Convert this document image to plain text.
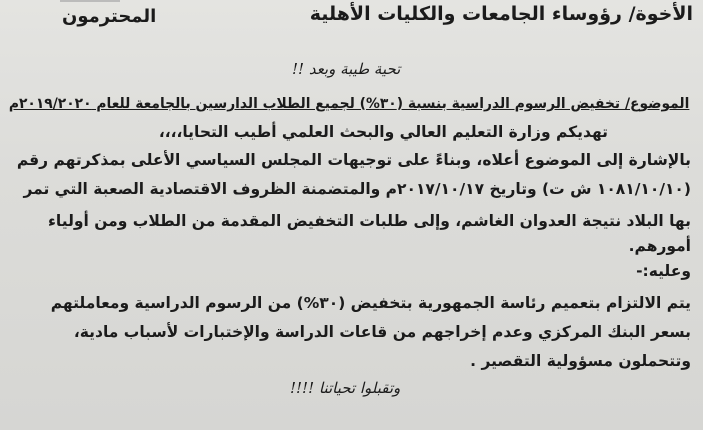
الأخوة/ رؤوساء الجامعات والكليات الأهلية
المحترمون
تحية طيبة وبعد !!
الموضوع/ تخفيض الرسوم الدراسية بنسبة (٣٠%) لجميع الطلاب الدارسين بالجامعة للعام ٢٠١٩/٢٠٢٠م
تهديكم وزارة التعليم العالي والبحث العلمي أطيب التحايا،،،،
بالإشارة إلى الموضوع أعلاه، وبناءً على توجيهات المجلس السياسي الأعلى بمذكرتهم رقم
(١٠٨١/١٠/١٠ ش ت) وتاريخ ٢٠١٧/١٠/١٧م والمتضمنة الظروف الاقتصادية الصعبة التي تمر
بها البلاد نتيجة العدوان الغاشم، وإلى طلبات التخفيض المقدمة من الطلاب ومن أولياء
أمورهم.
وعليه:-
يتم الالتزام بتعميم رئاسة الجمهورية بتخفيض (٣٠%) من الرسوم الدراسية ومعاملتهم
بسعر البنك المركزي وعدم إخراجهم من قاعات الدراسة والإختبارات لأسباب مادية،
وتتحملون مسؤولية التقصير .
وتقبلوا تحياتنا !!!!
